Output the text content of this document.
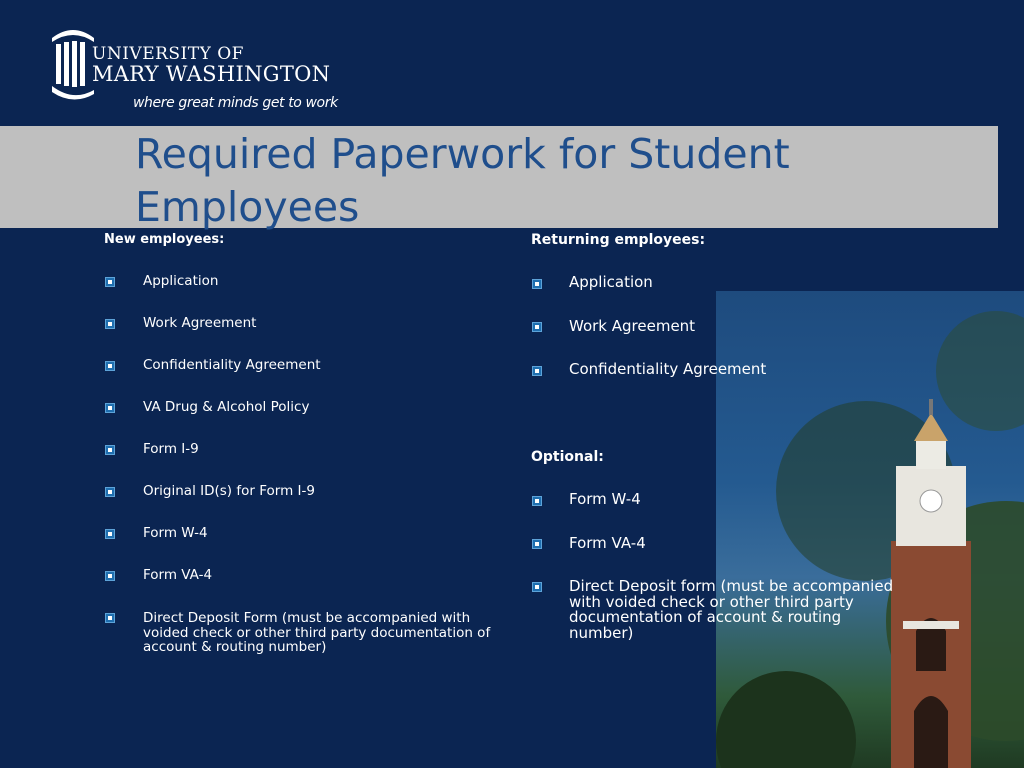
UNIVERSITY OF
MARY WASHINGTON
where great minds get to work
Required Paperwork for Student Employees
New employees:
Application
Work Agreement
Confidentiality Agreement
VA Drug & Alcohol Policy
Form I-9
Original ID(s) for Form I-9
Form W-4
Form VA-4
Direct Deposit Form (must be accompanied with voided check or other third party documentation of account & routing number)
Returning employees:
Application
Work Agreement
Confidentiality Agreement
Optional:
Form W-4
Form VA-4
Direct Deposit form (must be accompanied with voided check or other third party documentation of account & routing number)
